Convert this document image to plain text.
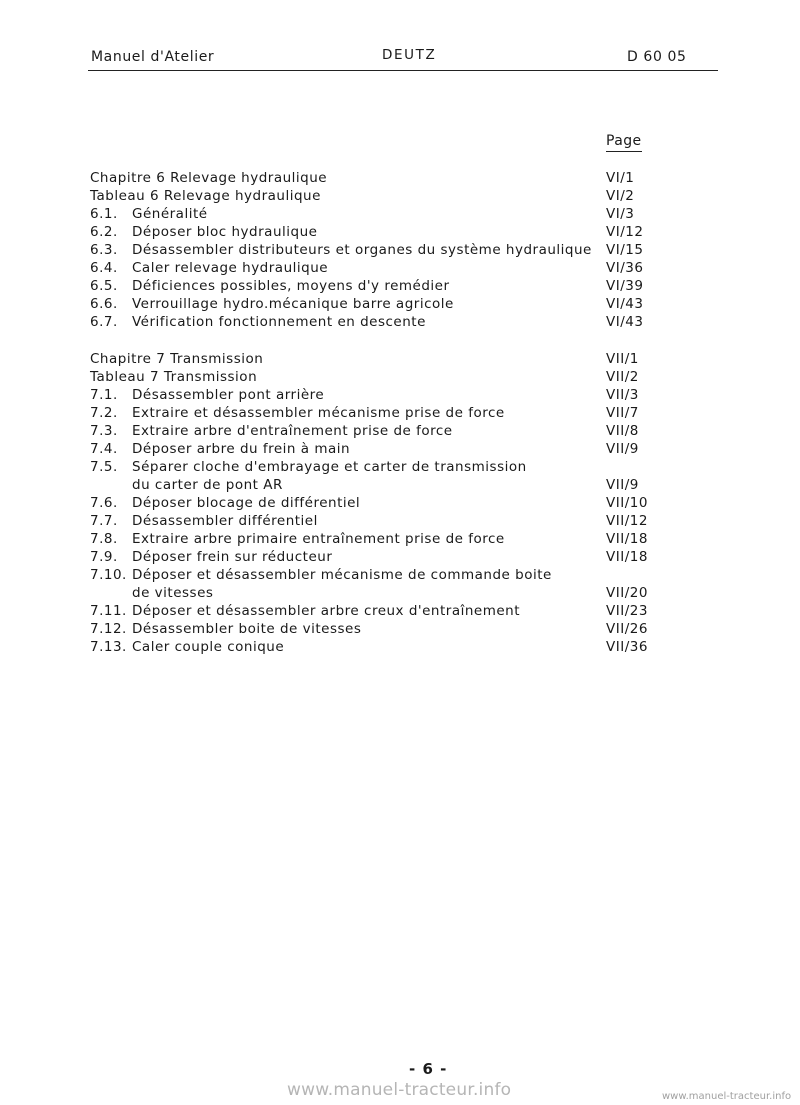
Manuel d'Atelier	DEUTZ	D 60 05
Page
Chapitre 6 Relevage hydraulique	VI/1
Tableau 6 Relevage hydraulique	VI/2
6.1. Généralité	VI/3
6.2. Déposer bloc hydraulique	VI/12
6.3. Désassembler distributeurs et organes du système hydraulique VI/15
6.4. Caler relevage hydraulique	VI/36
6.5. Déficiences possibles, moyens d'y remédier	VI/39
6.6. Verrouillage hydro.mécanique barre agricole	VI/43
6.7. Vérification fonctionnement en descente	VI/43
Chapitre 7 Transmission	VII/1
Tableau 7 Transmission	VII/2
7.1. Désassembler pont arrière	VII/3
7.2. Extraire et désassembler mécanisme prise de force	VII/7
7.3. Extraire arbre d'entraînement prise de force	VII/8
7.4. Déposer arbre du frein à main	VII/9
7.5. Séparer cloche d'embrayage et carter de transmission
du carter de pont AR	VII/9
7.6. Déposer blocage de différentiel	VII/10
7.7. Désassembler différentiel	VII/12
7.8. Extraire arbre primaire entraînement prise de force	VII/18
7.9. Déposer frein sur réducteur	VII/18
7.10. Déposer et désassembler mécanisme de commande boite
de vitesses	VII/20
7.11. Déposer et désassembler arbre creux d'entraînement	VII/23
7.12. Désassembler boite de vitesses	VII/26
7.13. Caler couple conique	VII/36
- 6 -
www.manuel-tracteur.info	www.manuel-tracteur.info
